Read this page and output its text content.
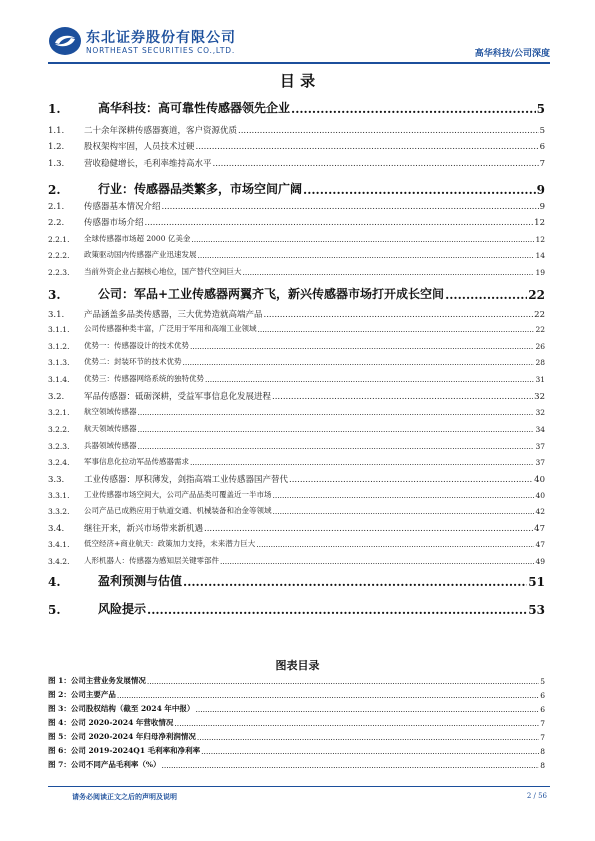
东北证券股份有限公司
NORTHEAST SECURITIES CO.,LTD.	高华科技/公司深度
目 录
图表目录
请务必阅读正文之后的声明及说明	2 / 56
1.	高华科技：高可靠性传感器领先企业 .....	5
1.1.	二十余年深耕传感器赛道，客户资源优质 .....	5
1.2.	股权架构牢固，人员技术过硬 .....	6
1.3.	营收稳健增长，毛利率维持高水平 .....	7
2.	行业：传感器品类繁多，市场空间广阔 .....	9
2.1.	传感器基本情况介绍 .....	9
2.2.	传感器市场介绍 .....	12
2.2.1.	全球传感器市场超 2000 亿美金 .....	12
2.2.2.	政策驱动国内传感器产业迅速发展 .....	14
2.2.3.	当前外资企业占据核心地位，国产替代空间巨大 .....	19
3.	公司：军品+工业传感器两翼齐飞，新兴传感器市场打开成长空间 .....	22
3.1.	产品涵盖多品类传感器，三大优势造就高端产品 .....	22
3.1.1.	公司传感器种类丰富，广泛用于军用和高端工业领域 .....	22
3.1.2.	优势一：传感器设计的技术优势 .....	26
3.1.3.	优势二：封装环节的技术优势 .....	28
3.1.4.	优势三：传感器网络系统的独特优势 .....	31
3.2.	军品传感器：砥砺深耕，受益军事信息化发展进程 .....	32
3.2.1.	航空领域传感器 .....	32
3.2.2.	航天领域传感器 .....	34
3.2.3.	兵器领域传感器 .....	37
3.2.4.	军事信息化拉动军品传感器需求 .....	37
3.3.	工业传感器：厚积薄发，剑指高端工业传感器国产替代 .....	40
3.3.1.	工业传感器市场空间大，公司产品品类可覆盖近一半市场 .....	40
3.3.2.	公司产品已成熟应用于轨道交通、机械装备和冶金等领域 .....	42
3.4.	继往开来，新兴市场带来新机遇 .....	47
3.4.1.	低空经济+商业航天：政策加力支持，未来潜力巨大 .....	47
3.4.2.	人形机器人：传感器为感知层关键零部件 .....	49
4.	盈利预测与估值 .....	51
5.	风险提示 .....	53
图 1：公司主营业务发展情况 .....	5
图 2：公司主要产品 .....	6
图 3：公司股权结构（截至 2024 年中报） .....	6
图 4：公司 2020-2024 年营收情况 .....	7
图 5：公司 2020-2024 年归母净利润情况 .....	7
图 6：公司 2019-2024Q1 毛利率和净利率 .....	8
图 7：公司不同产品毛利率（%） .....	8
